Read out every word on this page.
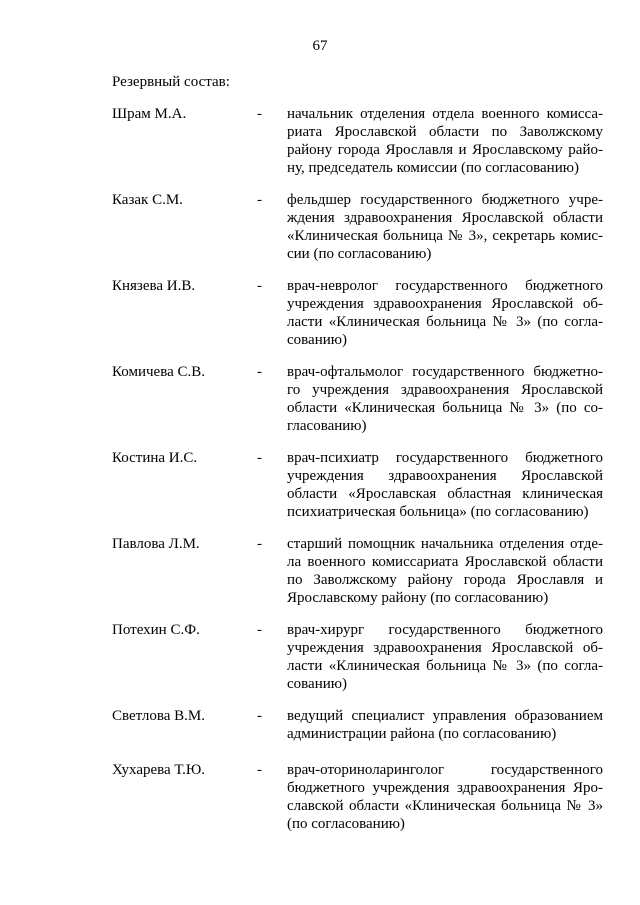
67
Резервный состав:
Шрам М.А.	- начальник отделения отдела военного комисса-
риата Ярославской области по Заволжскому
району города Ярославля и Ярославскому райо-
ну, председатель комиссии (по согласованию)
Казак С.М.	- фельдшер государственного бюджетного учре-
ждения здравоохранения Ярославской области
«Клиническая больница № 3», секретарь комис-
сии (по согласованию)
Князева И.В.	- врач-невролог государственного бюджетного
учреждения здравоохранения Ярославской об-
ласти «Клиническая больница № 3» (по согла-
сованию)
Комичева С.В.	- врач-офтальмолог государственного бюджетно-
го учреждения здравоохранения Ярославской
области «Клиническая больница № 3» (по со-
гласованию)
Костина И.С.	- врач-психиатр государственного бюджетного
учреждения здравоохранения Ярославской
области «Ярославская областная клиническая
психиатрическая больница» (по согласованию)
Павлова Л.М.	- старший помощник начальника отделения отде-
ла военного комиссариата Ярославской области
по Заволжскому району города Ярославля и
Ярославскому району (по согласованию)
Потехин С.Ф.	- врач-хирург государственного бюджетного
учреждения здравоохранения Ярославской об-
ласти «Клиническая больница № 3» (по согла-
сованию)
Светлова В.М.	- ведущий специалист управления образованием
администрации района (по согласованию)
Хухарева Т.Ю.	- врач-оториноларинголог государственного
бюджетного учреждения здравоохранения Яро-
славской области «Клиническая больница № 3»
(по согласованию)
